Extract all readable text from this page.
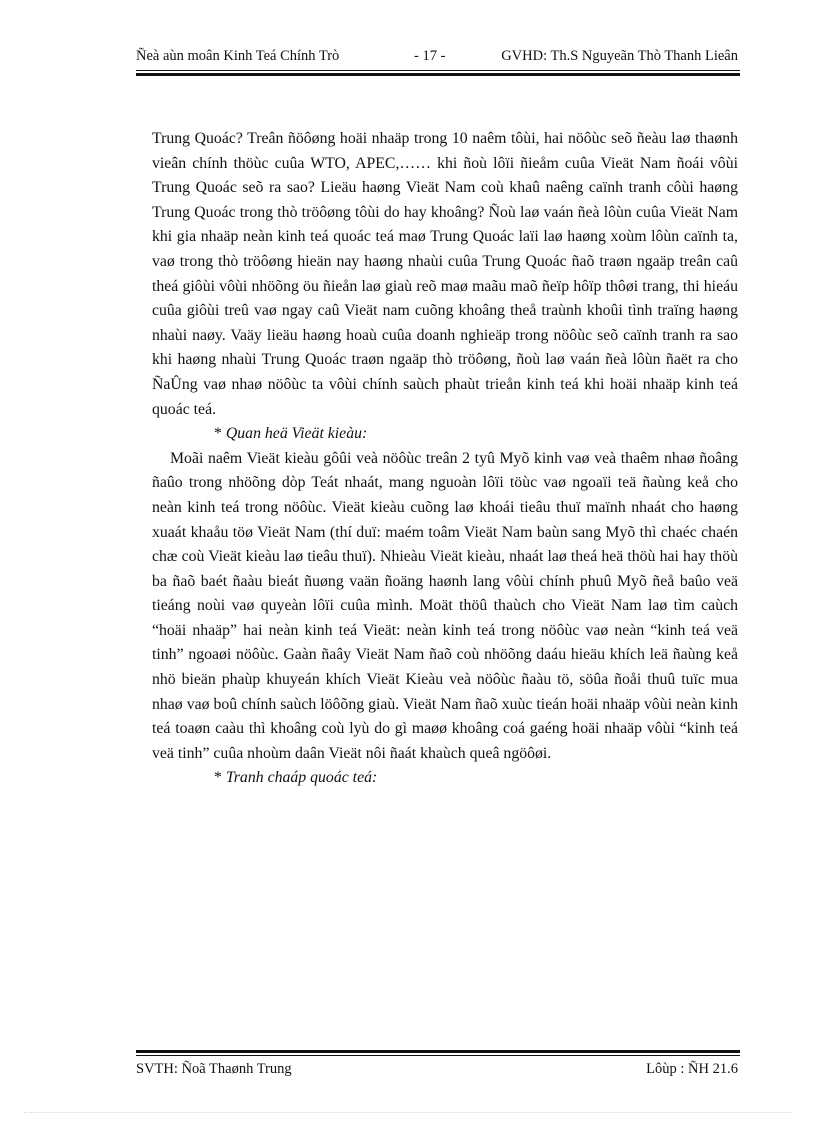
Ñeà aùn moân Kinh Teá Chính Trò	- 17 -	GVHD: Th.S Nguyeãn Thò Thanh Lieân

Trung Quoác? Treân ñöôøng hoäi nhaäp trong 10 naêm tôùi, hai nöôùc seõ ñeàu laø thaønh vieân chính thöùc cuûa WTO, APEC,…… khi ñoù lôïi ñieåm cuûa Vieät Nam ñoái vôùi Trung Quoác seõ ra sao? Lieäu haøng Vieät Nam coù khaû naêng caïnh tranh côùi haøng Trung Quoác trong thò tröôøng tôùi do hay khoâng? Ñoù laø vaán ñeà lôùn cuûa Vieät Nam khi gia nhaäp neàn kinh teá quoác teá maø Trung Quoác laïi laø haøng xoùm lôùn caïnh ta, vaø trong thò tröôøng hieän nay haøng nhaùi cuûa Trung Quoác ñaõ traøn ngaäp treân caû theá giôùi vôùi nhöõng öu ñieån laø giaù reõ maø maãu maõ ñeïp hôïp thôøi trang, thi hieáu cuûa giôùi treû vaø ngay caû Vieät nam cuõng khoâng theå traùnh khoûi tình traïng haøng nhaùi naøy. Vaäy lieäu haøng hoaù cuûa doanh nghieäp trong nöôùc seõ caïnh tranh ra sao khi haøng nhaùi Trung Quoác traøn ngaäp thò tröôøng, ñoù laø vaán ñeà lôùn ñaët ra cho ÑaÛng vaø nhaø nöôùc ta vôùi chính saùch phaùt trieån kinh teá khi hoäi nhaäp kinh teá quoác teá.

* Quan heä Vieät kieàu:

Moãi naêm Vieät kieàu gôûi veà nöôùc treân 2 tyû Myõ kinh vaø veà thaêm nhaø ñoâng ñaûo trong nhöõng dòp Teát nhaát, mang nguoàn lôïi töùc vaø ngoaïi teä ñaùng keå cho neàn kinh teá trong nöôùc. Vieät kieàu cuõng laø khoái tieâu thuï maïnh nhaát cho haøng xuaát khaåu töø Vieät Nam (thí duï: maém toâm Vieät Nam baùn sang Myõ thì chaéc chaén chæ coù Vieät kieàu laø tieâu thuï). Nhieàu Vieät kieàu, nhaát laø theá heä thöù hai hay thöù ba ñaõ baét ñaàu bieát ñuøng vaän ñoäng haønh lang vôùi chính phuû Myõ ñeå baûo veä tieáng noùi vaø quyeàn lôïi cuûa mình. Moät thöû thaùch cho Vieät Nam laø tìm caùch “hoäi nhaäp” hai neàn kinh teá Vieät: neàn kinh teá trong nöôùc vaø neàn “kinh teá veä tinh” ngoaøi nöôùc. Gaàn ñaây Vieät Nam ñaõ coù nhöõng daáu hieäu khích leä ñaùng keå nhö bieän phaùp khuyeán khích Vieät Kieàu veà nöôùc ñaàu tö, söûa ñoåi thuû tuïc mua nhaø vaø boû chính saùch löôõng giaù. Vieät Nam ñaõ xuùc tieán hoäi nhaäp vôùi neàn kinh teá toaøn caàu thì khoâng coù lyù do gì maøø khoâng coá gaéng hoäi nhaäp vôùi “kinh teá veä tinh” cuûa nhoùm daân Vieät nôi ñaát khaùch queâ ngöôøi.

* Tranh chaáp quoác teá:

SVTH: Ñoã Thaønh Trung	Lôùp : ÑH 21.6
